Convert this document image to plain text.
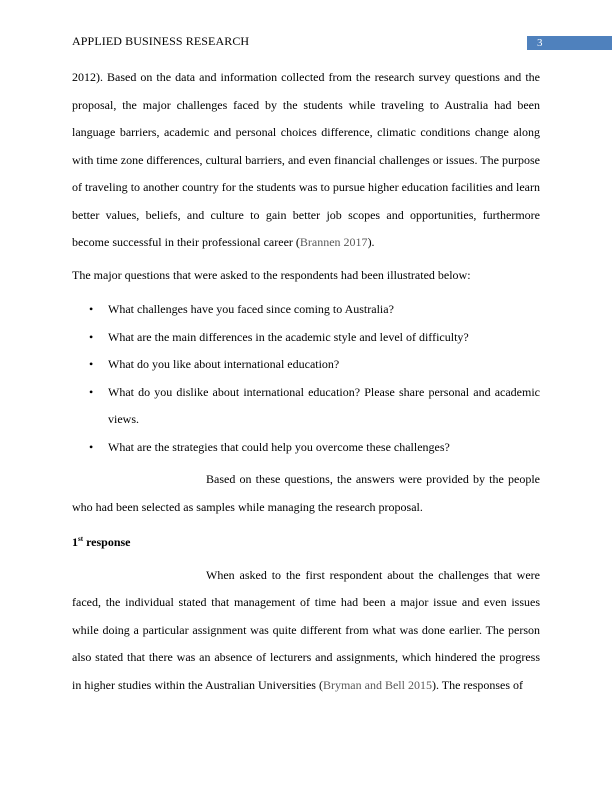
APPLIED BUSINESS RESEARCH	3

2012). Based on the data and information collected from the research survey questions and the proposal, the major challenges faced by the students while traveling to Australia had been language barriers, academic and personal choices difference, climatic conditions change along with time zone differences, cultural barriers, and even financial challenges or issues. The purpose of traveling to another country for the students was to pursue higher education facilities and learn better values, beliefs, and culture to gain better job scopes and opportunities, furthermore become successful in their professional career (Brannen 2017).

The major questions that were asked to the respondents had been illustrated below:

• What challenges have you faced since coming to Australia?
• What are the main differences in the academic style and level of difficulty?
• What do you like about international education?
• What do you dislike about international education? Please share personal and academic views.
• What are the strategies that could help you overcome these challenges?

Based on these questions, the answers were provided by the people who had been selected as samples while managing the research proposal.

1st response

When asked to the first respondent about the challenges that were faced, the individual stated that management of time had been a major issue and even issues while doing a particular assignment was quite different from what was done earlier. The person also stated that there was an absence of lecturers and assignments, which hindered the progress in higher studies within the Australian Universities (Bryman and Bell 2015). The responses of
